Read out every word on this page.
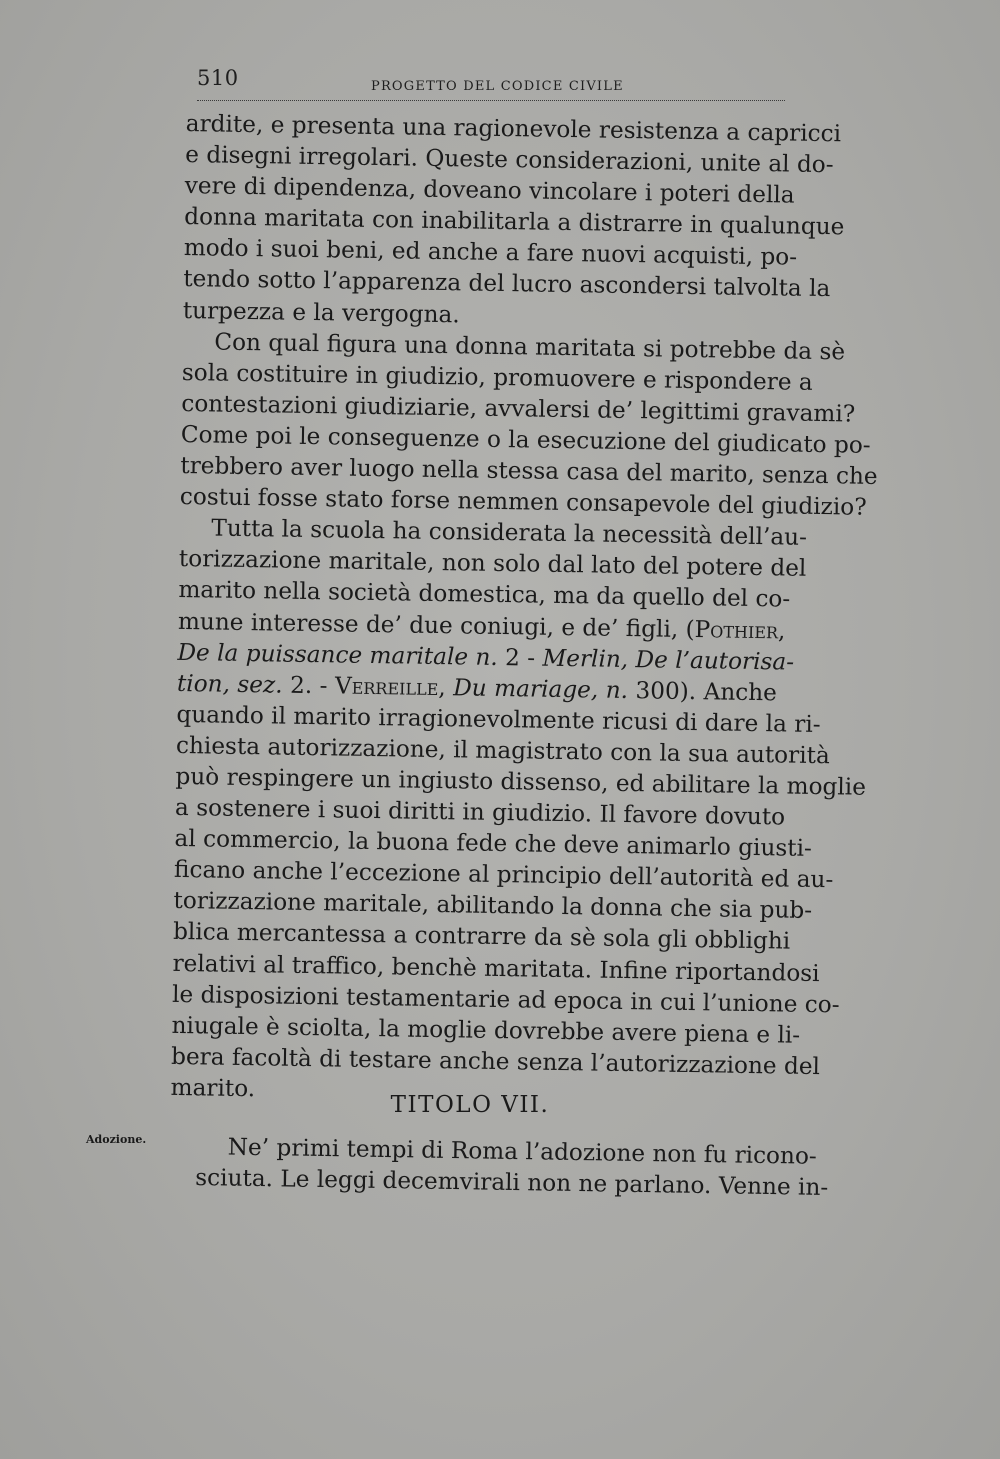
510	PROGETTO DEL CODICE CIVILE
ardite, e presenta una ragionevole resistenza a capricci
e disegni irregolari. Queste considerazioni, unite al do-
vere di dipendenza, doveano vincolare i poteri della
donna maritata con inabilitarla a distrarre in qualunque
modo i suoi beni, ed anche a fare nuovi acquisti, po-
tendo sotto l’apparenza del lucro ascondersi talvolta la
turpezza e la vergogna.
Con qual figura una donna maritata si potrebbe da sè
sola costituire in giudizio, promuovere e rispondere a
contestazioni giudiziarie, avvalersi de’ legittimi gravami?
Come poi le conseguenze o la esecuzione del giudicato po-
trebbero aver luogo nella stessa casa del marito, senza che
costui fosse stato forse nemmen consapevole del giudizio?
Tutta la scuola ha considerata la necessità dell’au-
torizzazione maritale, non solo dal lato del potere del
marito nella società domestica, ma da quello del co-
mune interesse de’ due coniugi, e de’ figli, (Pothier,
De la puissance maritale n. 2 - Merlin, De l’autorisa-
tion, sez. 2. - Verreille, Du mariage, n. 300). Anche
quando il marito irragionevolmente ricusi di dare la ri-
chiesta autorizzazione, il magistrato con la sua autorità
può respingere un ingiusto dissenso, ed abilitare la moglie
a sostenere i suoi diritti in giudizio. Il favore dovuto
al commercio, la buona fede che deve animarlo giusti-
ficano anche l’eccezione al principio dell’autorità ed au-
torizzazione maritale, abilitando la donna che sia pub-
blica mercantessa a contrarre da sè sola gli obblighi
relativi al traffico, benchè maritata. Infine riportandosi
le disposizioni testamentarie ad epoca in cui l’unione co-
niugale è sciolta, la moglie dovrebbe avere piena e li-
bera facoltà di testare anche senza l’autorizzazione del
marito.
TITOLO VII.
Adozione.	Ne’ primi tempi di Roma l’adozione non fu ricono-
sciuta. Le leggi decemvirali non ne parlano. Venne in-
